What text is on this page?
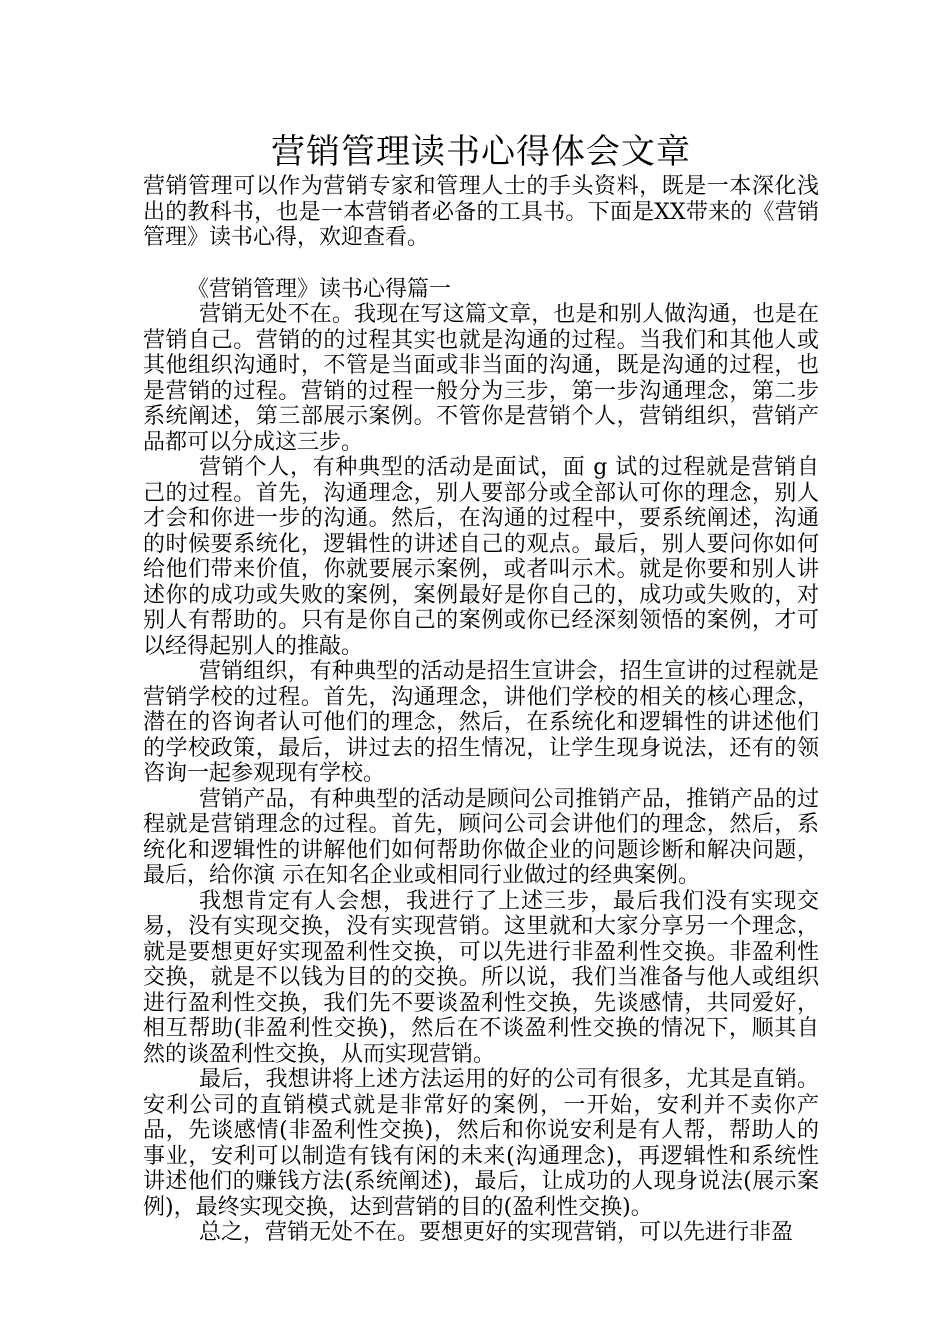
营销管理读书心得体会文章

营销管理可以作为营销专家和管理人士的手头资料，既是一本深化浅出的教科书，也是一本营销者必备的工具书。下面是XX带来的《营销管理》读书心得，欢迎查看。

《营销管理》读书心得篇一

营销无处不在。我现在写这篇文章，也是和别人做沟通，也是在营销自己。营销的的过程其实也就是沟通的过程。当我们和其他人或其他组织沟通时，不管是当面或非当面的沟通，既是沟通的过程，也是营销的过程。营销的过程一般分为三步，第一步沟通理念，第二步系统阐述，第三部展示案例。不管你是营销个人，营销组织，营销产品都可以分成这三步。

营销个人，有种典型的活动是面试，面 g 试的过程就是营销自己的过程。首先，沟通理念，别人要部分或全部认可你的理念，别人才会和你进一步的沟通。然后，在沟通的过程中，要系统阐述，沟通的时候要系统化，逻辑性的讲述自己的观点。最后，别人要问你如何给他们带来价值，你就要展示案例，或者叫示术。就是你要和别人讲述你的成功或失败的案例，案例最好是你自己的，成功或失败的，对别人有帮助的。只有是你自己的案例或你已经深刻领悟的案例，才可以经得起别人的推敲。

营销组织，有种典型的活动是招生宣讲会，招生宣讲的过程就是营销学校的过程。首先，沟通理念，讲他们学校的相关的核心理念，潜在的咨询者认可他们的理念，然后，在系统化和逻辑性的讲述他们的学校政策，最后，讲过去的招生情况，让学生现身说法，还有的领咨询一起参观现有学校。

营销产品，有种典型的活动是顾问公司推销产品，推销产品的过程就是营销理念的过程。首先，顾问公司会讲他们的理念，然后，系统化和逻辑性的讲解他们如何帮助你做企业的问题诊断和解决问题，最后，给你演 示在知名企业或相同行业做过的经典案例。

我想肯定有人会想，我进行了上述三步，最后我们没有实现交易，没有实现交换，没有实现营销。这里就和大家分享另一个理念，就是要想更好实现盈利性交换，可以先进行非盈利性交换。非盈利性交换，就是不以钱为目的的交换。所以说，我们当准备与他人或组织进行盈利性交换，我们先不要谈盈利性交换，先谈感情，共同爱好，相互帮助(非盈利性交换)，然后在不谈盈利性交换的情况下，顺其自然的谈盈利性交换，从而实现营销。

最后，我想讲将上述方法运用的好的公司有很多，尤其是直销。安利公司的直销模式就是非常好的案例，一开始，安利并不卖你产品，先谈感情(非盈利性交换)，然后和你说安利是有人帮，帮助人的事业，安利可以制造有钱有闲的未来(沟通理念)，再逻辑性和系统性讲述他们的赚钱方法(系统阐述)，最后，让成功的人现身说法(展示案例)，最终实现交换，达到营销的目的(盈利性交换)。

总之，营销无处不在。要想更好的实现营销，可以先进行非盈
